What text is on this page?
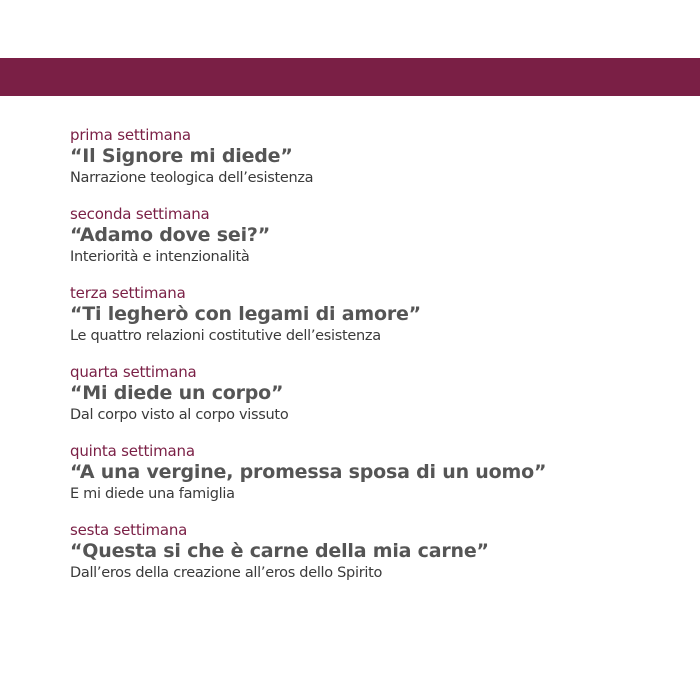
prima settimana
“Il Signore mi diede”
Narrazione teologica dell’esistenza
seconda settimana
“Adamo dove sei?”
Interiorità e intenzionalità
terza settimana
“Ti legherò con legami di amore”
Le quattro relazioni costitutive dell’esistenza
quarta settimana
“Mi diede un corpo”
Dal corpo visto al corpo vissuto
quinta settimana
“A una vergine, promessa sposa di un uomo”
E mi diede una famiglia
sesta settimana
“Questa si che è carne della mia carne”
Dall’eros della creazione all’eros dello Spirito
